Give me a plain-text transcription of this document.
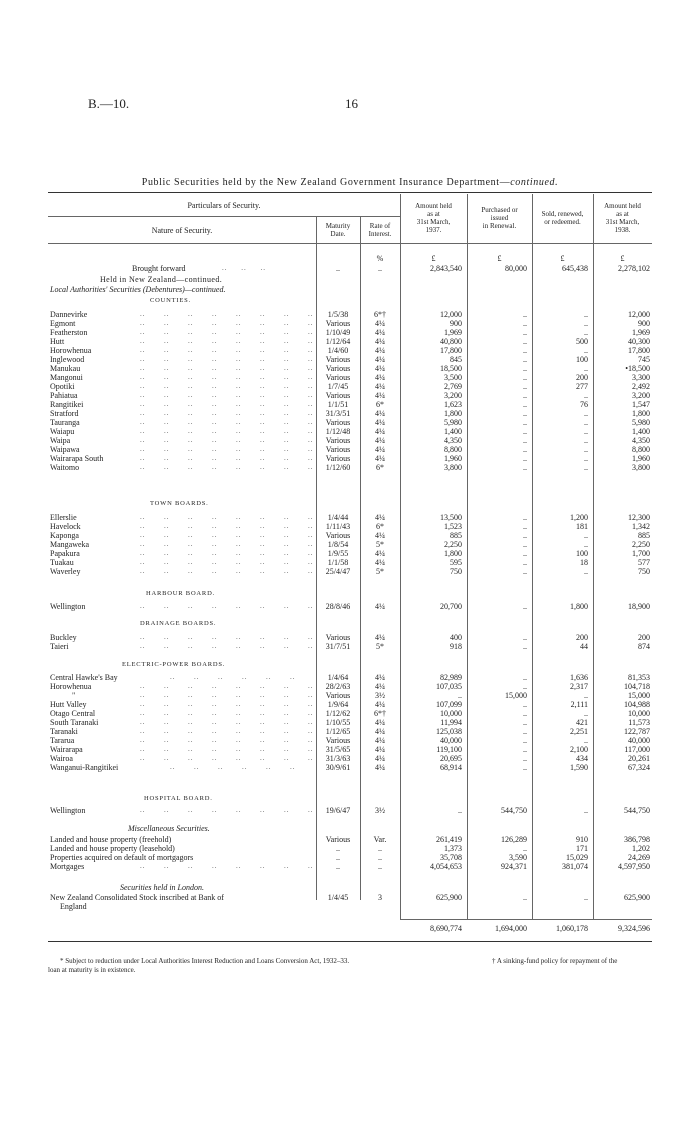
B.—10.	16
Public Securities held by the New Zealand Government Insurance Department—continued.
Particulars of Security.
Nature of Security.	Maturity
Date.
Rate of
Interest.
Amount held
as at
31st March,
1937.
Purchased or
issued
in Renewal.
Sold, renewed,
or redeemed.
Amount held
as at
31st March,
1938.
%	£	£	£	£
Brought forward	..     ..     ..	..	..	2,843,540	80,000	645,438	2,278,102
Held in New Zealand—continued.
Local Authorities' Securities (Debentures)—continued.
COUNTIES.
TOWN BOARDS.
HARBOUR BOARD.
DRAINAGE BOARDS.
ELECTRIC-POWER BOARDS.
HOSPITAL BOARD.
Miscellaneous Securities.
Securities held in London.
Dannevirke	..	..	..	..	..	..	..	..	1/5/38	6*†	12,000	..	..	12,000
Egmont	..	..	..	..	..	..	..	..	Various	4¼	900	..	..	900
Featherston	..	..	..	..	..	..	..	..	1/10/49	4¼	1,969	..	..	1,969
Hutt	..	..	..	..	..	..	..	..	1/12/64	4¼	40,800	..	500	40,300
Horowhenua	..	..	..	..	..	..	..	..	1/4/60	4¼	17,800	..	..	17,800
Inglewood	..	..	..	..	..	..	..	..	Various	4¼	845	..	100	745
Manukau	..	..	..	..	..	..	..	..	Various	4¼	18,500	..	..	•18,500
Mangonui	..	..	..	..	..	..	..	..	Various	4¼	3,500	..	200	3,300
Opotiki	..	..	..	..	..	..	..	..	1/7/45	4¼	2,769	..	277	2,492
Pahiatua	..	..	..	..	..	..	..	..	Various	4¼	3,200	..	..	3,200
Rangitikei	..	..	..	..	..	..	..	..	1/1/51	6*	1,623	..	76	1,547
Stratford	..	..	..	..	..	..	..	..	31/3/51	4¼	1,800	..	..	1,800
Tauranga	..	..	..	..	..	..	..	..	Various	4¼	5,980	..	..	5,980
Waiapu	..	..	..	..	..	..	..	..	1/12/48	4¼	1,400	..	..	1,400
Waipa	..	..	..	..	..	..	..	..	Various	4¼	4,350	..	..	4,350
Waipawa	..	..	..	..	..	..	..	..	Various	4¼	8,800	..	..	8,800
Wairarapa South	..	..	..	..	..	..	..	..	Various	4¼	1,960	..	..	1,960
Waitomo	..	..	..	..	..	..	..	..	1/12/60	6*	3,800	..	..	3,800
Ellerslie	..	..	..	..	..	..	..	..	1/4/44	4¼	13,500	..	1,200	12,300
Havelock	..	..	..	..	..	..	..	..	1/11/43	6*	1,523	..	181	1,342
Kaponga	..	..	..	..	..	..	..	..	Various	4¼	885	..	..	885
Mangaweka	..	..	..	..	..	..	..	..	1/8/54	5*	2,250	..	..	2,250
Papakura	..	..	..	..	..	..	..	..	1/9/55	4¼	1,800	..	100	1,700
Tuakau	..	..	..	..	..	..	..	..	1/1/58	4¼	595	..	18	577
Waverley	..	..	..	..	..	..	..	..	25/4/47	5*	750	..	..	750
Wellington	..	..	..	..	..	..	..	..	28/8/46	4¼	20,700	..	1,800	18,900
Buckley	..	..	..	..	..	..	..	..	Various	4¼	400	..	200	200
Taieri	..	..	..	..	..	..	..	..	31/7/51	5*	918	..	44	874
Central Hawke's Bay	..	..	..	..	..	..	1/4/64	4¼	82,989	..	1,636	81,353
Horowhenua	..	..	..	..	..	..	..	..	28/2/63	4¼	107,035	..	2,317	104,718
"	..	..	..	..	..	..	..	..	Various	3½	..	15,000	..	15,000
Hutt Valley	..	..	..	..	..	..	..	..	1/9/64	4¼	107,099	..	2,111	104,988
Otago Central	..	..	..	..	..	..	..	..	1/12/62	6*†	10,000	..	..	10,000
South Taranaki	..	..	..	..	..	..	..	..	1/10/55	4¼	11,994	..	421	11,573
Taranaki	..	..	..	..	..	..	..	..	1/12/65	4¼	125,038	..	2,251	122,787
Tararua	..	..	..	..	..	..	..	..	Various	4¼	40,000	..	..	40,000
Wairarapa	..	..	..	..	..	..	..	..	31/5/65	4¼	119,100	..	2,100	117,000
Wairoa	..	..	..	..	..	..	..	..	31/3/63	4¼	20,695	..	434	20,261
Wanganui-Rangitikei	..	..	..	..	..	..	30/9/61	4¼	68,914	..	1,590	67,324
Wellington	..	..	..	..	..	..	..	..	19/6/47	3½	..	544,750	..	544,750
Landed and house property (freehold)	Various	Var.	261,419	126,289	910	386,798
Landed and house property (leasehold)	..	..	1,373	..	171	1,202
Properties acquired on default of mortgagors	..	..	35,708	3,590	15,029	24,269
Mortgages	..	..	..	..	..	..	..	..	..	..	4,054,653	924,371	381,074	4,597,950
New Zealand Consolidated Stock inscribed at Bank of
England
1/4/45	3	625,900	..	..	625,900
8,690,774	1,694,000	1,060,178	9,324,596
* Subject to reduction under Local Authorities Interest Reduction and Loans Conversion Act, 1932–33.
loan at maturity is in existence.
† A sinking-fund policy for repayment of the
